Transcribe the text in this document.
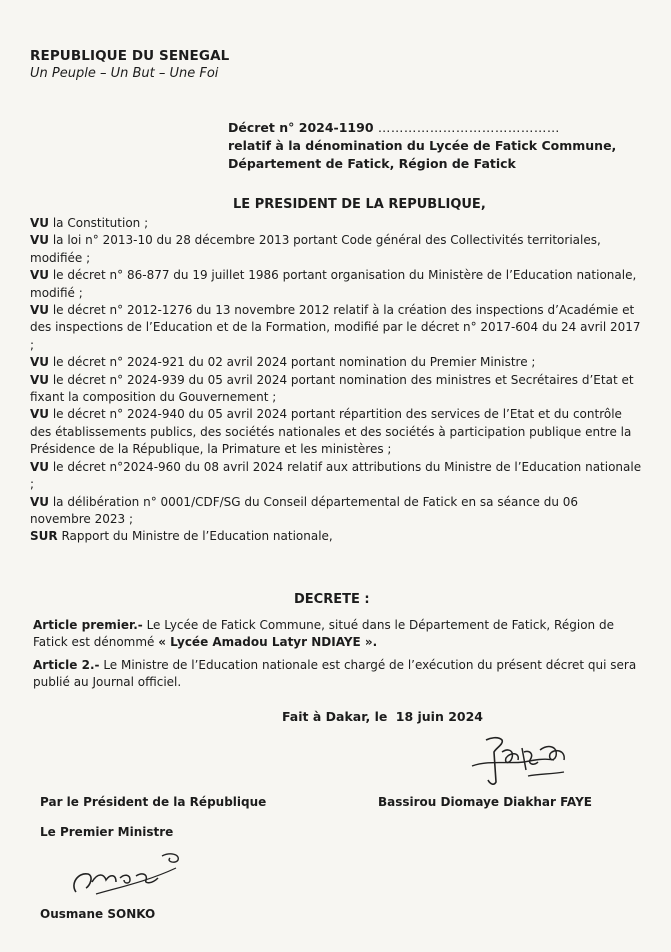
REPUBLIQUE DU SENEGAL
Un Peuple – Un But – Une Foi
Décret n° 2024-1190 ……………………………………
relatif à la dénomination du Lycée de Fatick Commune,
Département de Fatick, Région de Fatick
LE PRESIDENT DE LA REPUBLIQUE,

VU la Constitution ;

VU la loi n° 2013-10 du 28 décembre 2013 portant Code général des Collectivités territoriales, modifiée ;

VU le décret n° 86-877 du 19 juillet 1986 portant organisation du Ministère de l’Education nationale, modifié ;

VU le décret n° 2012-1276 du 13 novembre 2012 relatif à la création des inspections d’Académie et des inspections de l’Education et de la Formation, modifié par le décret n° 2017-604 du 24 avril 2017 ;

VU le décret n° 2024-921 du 02 avril 2024 portant nomination du Premier Ministre ;

VU le décret n° 2024-939 du 05 avril 2024 portant nomination des ministres et Secrétaires d’Etat et fixant la composition du Gouvernement ;

VU le décret n° 2024-940 du 05 avril 2024 portant répartition des services de l’Etat et du contrôle des établissements publics, des sociétés nationales et des sociétés à participation publique entre la Présidence de la République, la Primature et les ministères ;

VU le décret n°2024-960 du 08 avril 2024 relatif aux attributions du Ministre de l’Education nationale ;

VU la délibération n° 0001/CDF/SG du Conseil départemental de Fatick en sa séance du 06 novembre 2023 ;

SUR Rapport du Ministre de l’Education nationale,

DECRETE :

Article premier.- Le Lycée de Fatick Commune, situé dans le Département de Fatick, Région de Fatick est dénommé « Lycée Amadou Latyr NDIAYE ».

Article 2.- Le Ministre de l’Education nationale est chargé de l’exécution du présent décret qui sera publié au Journal officiel.

Fait à Dakar, le 18 juin 2024
Bassirou Diomaye Diakhar FAYE
Par le Président de la République
Le Premier Ministre
Ousmane SONKO
